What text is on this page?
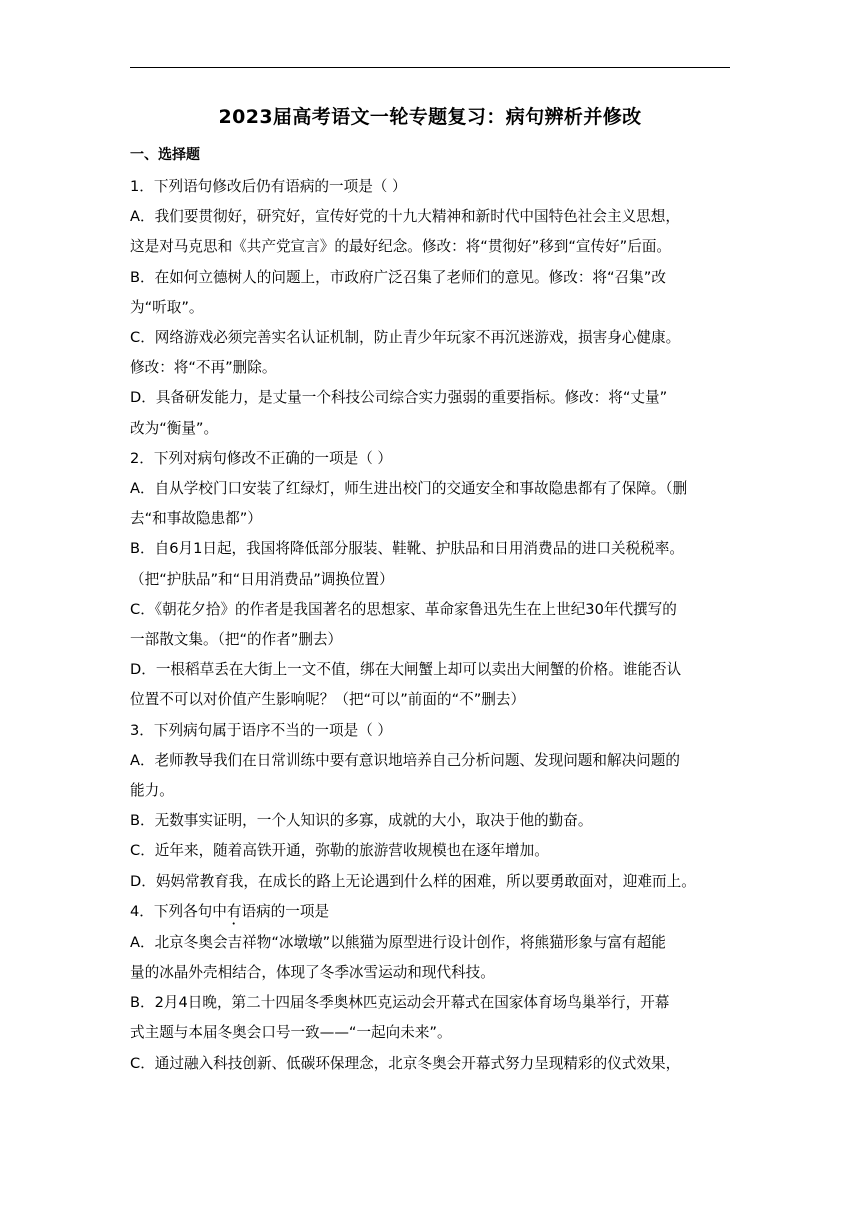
2023届高考语文一轮专题复习：病句辨析并修改
一、选择题

1．下列语句修改后仍有语病的一项是（ ）

A．我们要贯彻好，研究好，宣传好党的十九大精神和新时代中国特色社会主义思想，

这是对马克思和《共产党宣言》的最好纪念。修改：将“贯彻好”移到“宣传好”后面。

B．在如何立德树人的问题上，市政府广泛召集了老师们的意见。修改：将“召集”改

为“听取”。

C．网络游戏必须完善实名认证机制，防止青少年玩家不再沉迷游戏，损害身心健康。

修改：将“不再”删除。

D．具备研发能力，是丈量一个科技公司综合实力强弱的重要指标。修改：将“丈量”

改为“衡量”。

2．下列对病句修改不正确的一项是（ ）

A．自从学校门口安装了红绿灯，师生进出校门的交通安全和事故隐患都有了保障。（删

去“和事故隐患都”）

B．自6月1日起，我国将降低部分服装、鞋靴、护肤品和日用消费品的进口关税税率。

（把“护肤品”和“日用消费品”调换位置）

C．《朝花夕拾》的作者是我国著名的思想家、革命家鲁迅先生在上世纪30年代撰写的

一部散文集。（把“的作者”删去）

D．一根稻草丢在大街上一文不值，绑在大闸蟹上却可以卖出大闸蟹的价格。谁能否认

位置不可以对价值产生影响呢？（把“可以”前面的“不”删去）

3．下列病句属于语序不当的一项是（ ）

A．老师教导我们在日常训练中要有意识地培养自己分析问题、发现问题和解决问题的

能力。

B．无数事实证明，一个人知识的多寡，成就的大小，取决于他的勤奋。

C．近年来，随着高铁开通，弥勒的旅游营收规模也在逐年增加。

D．妈妈常教育我，在成长的路上无论遇到什么样的困难，所以要勇敢面对，迎难而上。

4．下列各句中有语病的一项是

A．北京冬奥会吉祥物“冰墩墩”以熊猫为原型进行设计创作，将熊猫形象与富有超能

量的冰晶外壳相结合，体现了冬季冰雪运动和现代科技。

B．2月4日晚，第二十四届冬季奥林匹克运动会开幕式在国家体育场鸟巢举行，开幕

式主题与本届冬奥会口号一致——“一起向未来”。

C．通过融入科技创新、低碳环保理念，北京冬奥会开幕式努力呈现精彩的仪式效果，
